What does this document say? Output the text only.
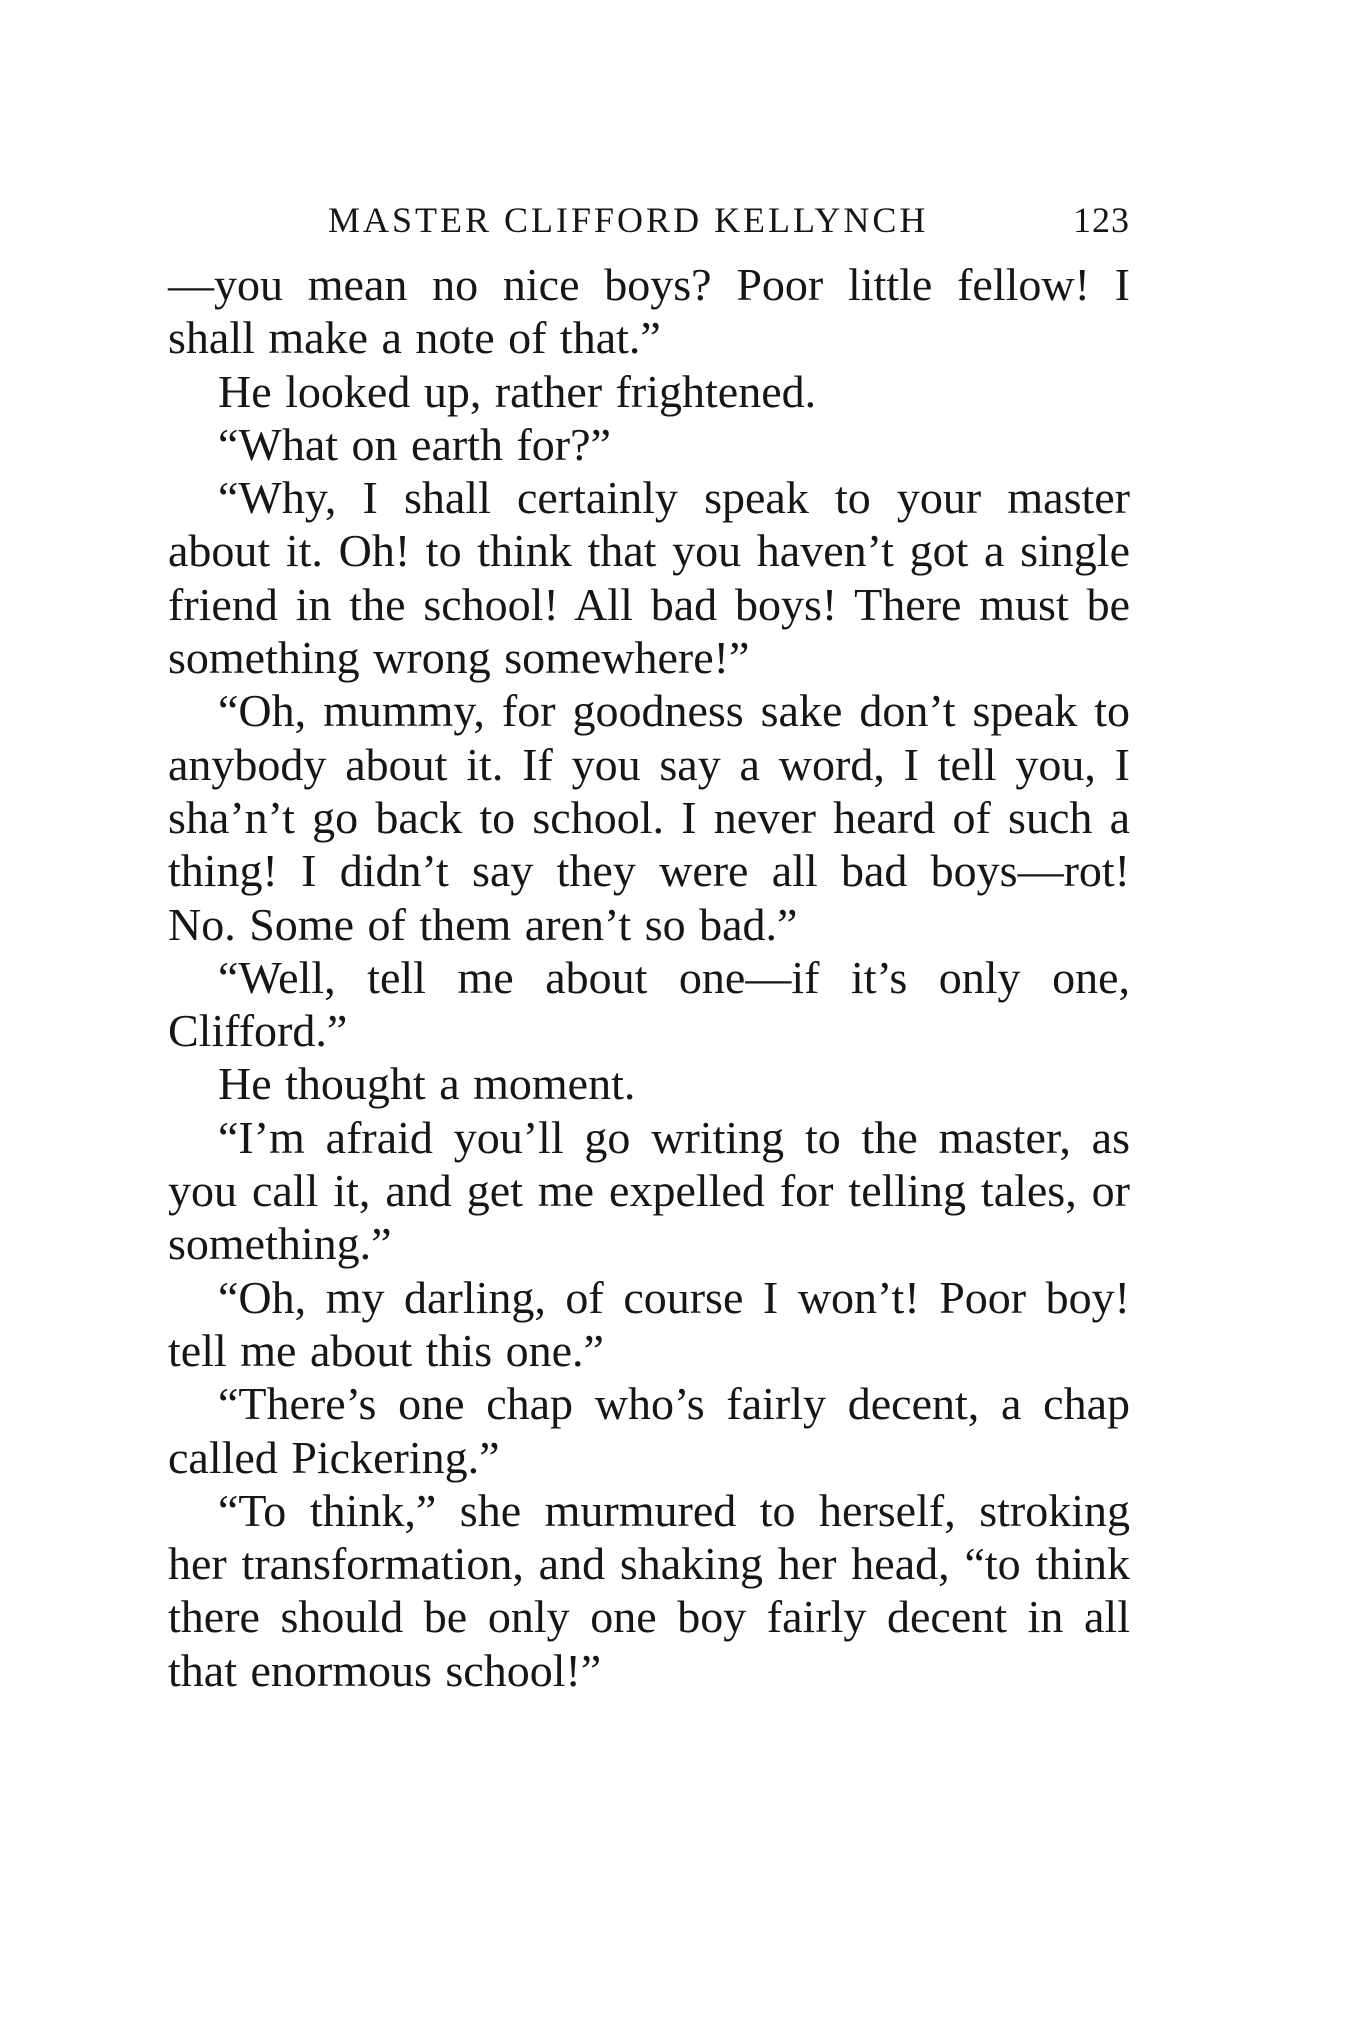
MASTER CLIFFORD KELLYNCH	123

—you mean no nice boys? Poor little fellow! I shall make a note of that.”

He looked up, rather frightened.

“What on earth for?”

“Why, I shall certainly speak to your master about it. Oh! to think that you haven’t got a single friend in the school! All bad boys! There must be something wrong somewhere!”

“Oh, mummy, for goodness sake don’t speak to anybody about it. If you say a word, I tell you, I sha’n’t go back to school. I never heard of such a thing! I didn’t say they were all bad boys—rot! No. Some of them aren’t so bad.”

“Well, tell me about one—if it’s only one, Clifford.”

He thought a moment.

“I’m afraid you’ll go writing to the master, as you call it, and get me expelled for telling tales, or something.”

“Oh, my darling, of course I won’t! Poor boy! tell me about this one.”

“There’s one chap who’s fairly decent, a chap called Pickering.”

“To think,” she murmured to herself, stroking her transformation, and shaking her head, “to think there should be only one boy fairly decent in all that enormous school!”
